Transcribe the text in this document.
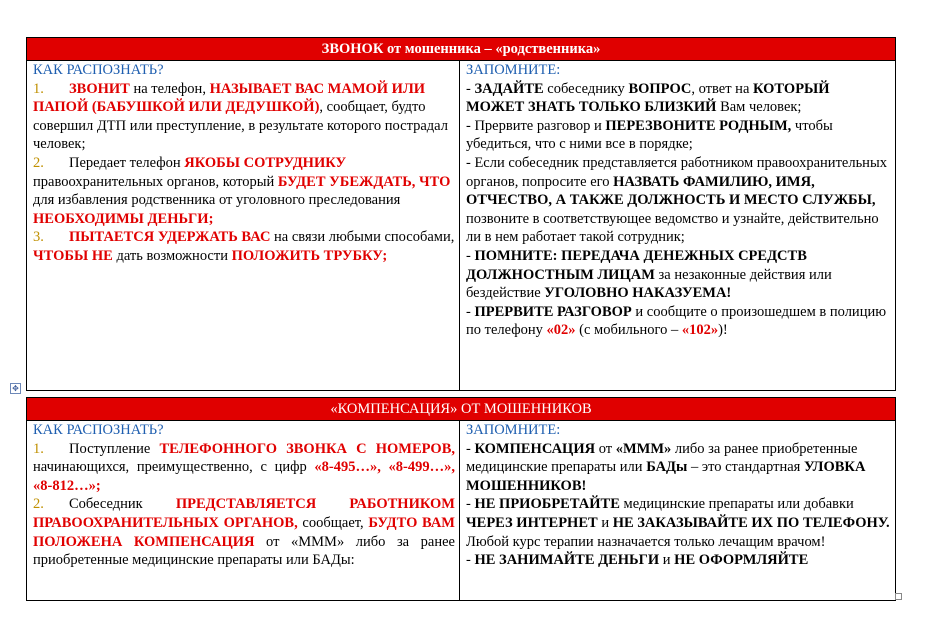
ЗВОНОК от мошенника – «родственника»

КАК РАСПОЗНАТЬ?
1. ЗВОНИТ на телефон, НАЗЫВАЕТ ВАС МАМОЙ ИЛИ ПАПОЙ (БАБУШКОЙ ИЛИ ДЕДУШКОЙ), сообщает, будто совершил ДТП или преступление, в результате которого пострадал человек;
2. Передает телефон ЯКОБЫ СОТРУДНИКУ правоохранительных органов, который БУДЕТ УБЕЖДАТЬ, ЧТО для избавления родственника от уголовного преследования НЕОБХОДИМЫ ДЕНЬГИ;
3. ПЫТАЕТСЯ УДЕРЖАТЬ ВАС на связи любыми способами, ЧТОБЫ НЕ дать возможности ПОЛОЖИТЬ ТРУБКУ;

ЗАПОМНИТЕ:
- ЗАДАЙТЕ собеседнику ВОПРОС, ответ на КОТОРЫЙ МОЖЕТ ЗНАТЬ ТОЛЬКО БЛИЗКИЙ Вам человек;
- Прервите разговор и ПЕРЕЗВОНИТЕ РОДНЫМ, чтобы убедиться, что с ними все в порядке;
- Если собеседник представляется работником правоохранительных органов, попросите его НАЗВАТЬ ФАМИЛИЮ, ИМЯ, ОТЧЕСТВО, А ТАКЖЕ ДОЛЖНОСТЬ И МЕСТО СЛУЖБЫ, позвоните в соответствующее ведомство и узнайте, действительно ли в нем работает такой сотрудник;
- ПОМНИТЕ: ПЕРЕДАЧА ДЕНЕЖНЫХ СРЕДСТВ ДОЛЖНОСТНЫМ ЛИЦАМ за незаконные действия или бездействие УГОЛОВНО НАКАЗУЕМА!
- ПРЕРВИТЕ РАЗГОВОР и сообщите о произошедшем в полицию по телефону «02» (с мобильного – «102»)!
✥
«КОМПЕНСАЦИЯ» ОТ МОШЕННИКОВ

КАК РАСПОЗНАТЬ?
1. Поступление ТЕЛЕФОННОГО ЗВОНКА С НОМЕРОВ, начинающихся, преимущественно, с цифр «8-495…», «8-499…», «8-812…»;
2. Собеседник ПРЕДСТАВЛЯЕТСЯ РАБОТНИКОМ ПРАВООХРАНИТЕЛЬНЫХ ОРГАНОВ, сообщает, БУДТО ВАМ ПОЛОЖЕНА КОМПЕНСАЦИЯ от «МММ» либо за ранее приобретенные медицинские препараты или БАДы:

ЗАПОМНИТЕ:
- КОМПЕНСАЦИЯ от «МММ» либо за ранее приобретенные медицинские препараты или БАДы – это стандартная УЛОВКА МОШЕННИКОВ!
- НЕ ПРИОБРЕТАЙТЕ медицинские препараты или добавки ЧЕРЕЗ ИНТЕРНЕТ и НЕ ЗАКАЗЫВАЙТЕ ИХ ПО ТЕЛЕФОНУ. Любой курс терапии назначается только лечащим врачом!
- НЕ ЗАНИМАЙТЕ ДЕНЬГИ и НЕ ОФОРМЛЯЙТЕ
